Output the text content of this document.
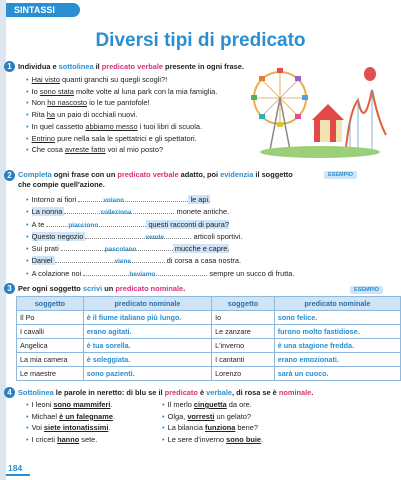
SINTASSI
Diversi tipi di predicato
1 Individua e sottolinea il predicato verbale presente in ogni frase.
• Hai visto quanti granchi su quegli scogli?!
• Io sono stata molte volte al luna park con la mia famiglia.
• Non ho nascosto io le tue pantofole!
• Rita ha un paio di occhiali nuovi.
• In quel cassetto abbiamo messo i tuoi libri di scuola.
• Entrino pure nella sala le spettatrici e gli spettatori.
• Che cosa avreste fatto voi al mio posto?
2 Completa ogni frase con un predicato verbale adatto, poi evidenzia il soggetto
che compie quell'azione.
ESEMPIO
• Intorno ai fiori	volano	le api.
• La nonna	colleziona	monete antiche.
• A te	piacciono	questi racconti di paura?
• Questo negozio	vende	articoli sportivi.
• Sui prati	pascolano	mucche e capre.
• Daniel	viene	di corsa a casa nostra.
• A colazione noi	beviamo	sempre un succo di frutta.
3 Per ogni soggetto scrivi un predicato nominale.	ESEMPIO
soggetto	predicato nominale	soggetto	predicato nominale
Il Po	è il fiume italiano più lungo.	Io	sono felice.
I cavalli	erano agitati.	Le zanzare	furono molto fastidiose.
Angelica	è tua sorella.	L'inverno	è una stagione fredda.
La mia camera	è soleggiata.	I cantanti	erano emozionati.
Le maestre	sono pazienti.	Lorenzo	sarà un cuoco.
4 Sottolinea le parole in neretto: di blu se il predicato è verbale, di rosa se è nominale.
• I leoni sono mammiferi.
• Michael è un falegname.
• Voi siete intonatissimi.
• I criceti hanno sete.
• Il merlo cinguetta da ore.
• Olga, vorresti un gelato?
• La bilancia funziona bene?
• Le sere d'inverno sono buie.
184
